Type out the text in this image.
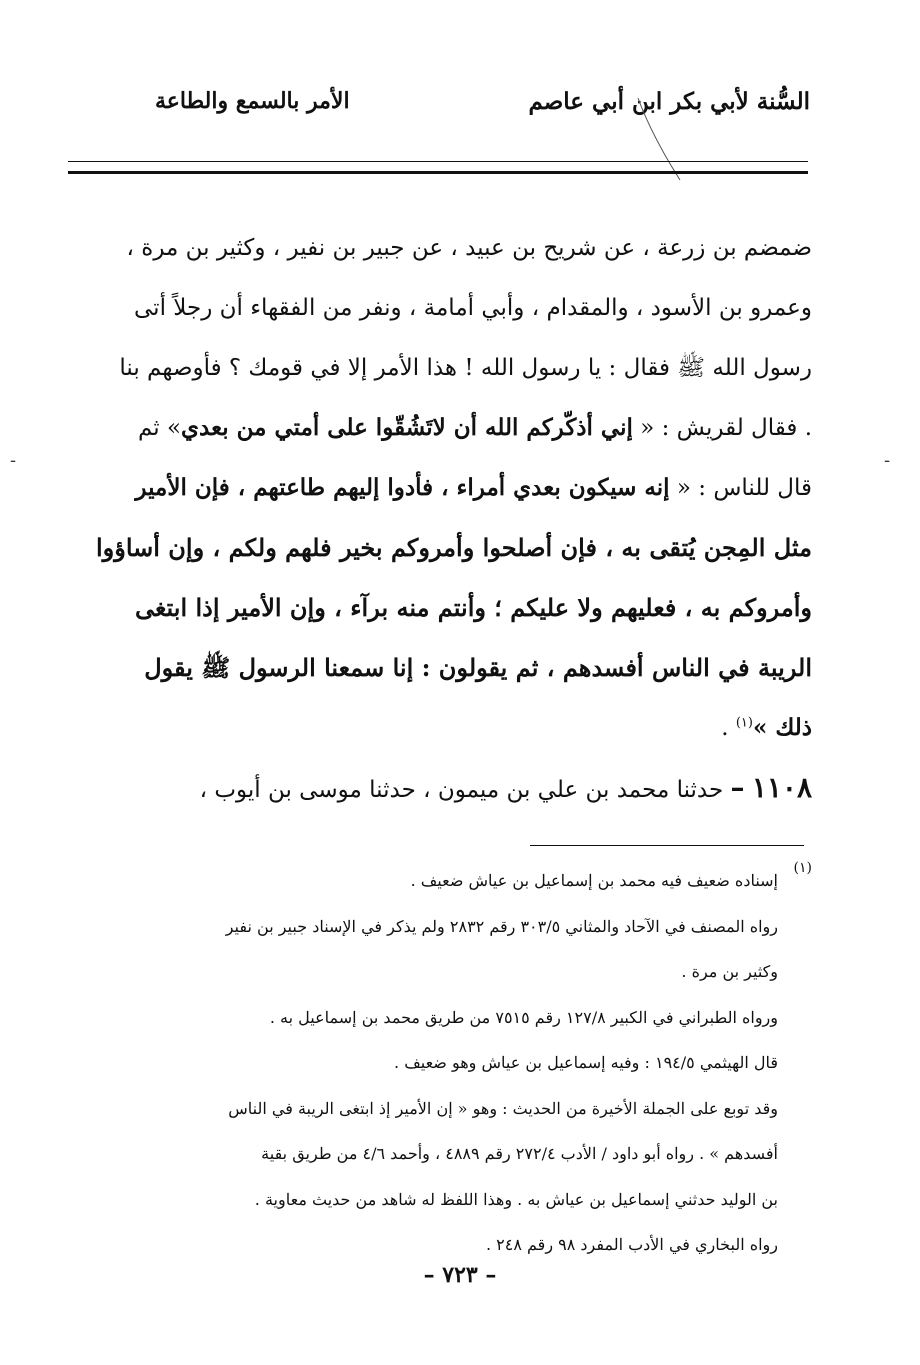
السُّنة لأبي بكر ابن أبي عاصم
الأمر بالسمع والطاعة
-	-
ضمضم بن زرعة ، عن شريح بن عبيد ، عن جبير بن نفير ، وكثير بن مرة ،
وعمرو بن الأسود ، والمقدام ، وأبي أمامة ، ونفر من الفقهاء أن رجلاً أتى
رسول الله ﷺ فقال : يا رسول الله ! هذا الأمر إلا في قومك ؟ فأوصهم بنا
. فقال لقريش : « إني أذكّركم الله أن لاتَشُقّوا على أمتي من بعدي» ثم
قال للناس : « إنه سيكون بعدي أمراء ، فأدوا إليهم طاعتهم ، فإن الأمير
مثل المِجن يُتقى به ، فإن أصلحوا وأمروكم بخير فلهم ولكم ، وإن أساؤوا
وأمروكم به ، فعليهم ولا عليكم ؛ وأنتم منه برآء ، وإن الأمير إذا ابتغى
الريبة في الناس أفسدهم ، ثم يقولون : إنا سمعنا الرسول ﷺ يقول
ذلك »$^{(١)}$ .
١١٠٨ – حدثنا محمد بن علي بن ميمون ، حدثنا موسى بن أيوب ،
(١)
إسناده ضعيف فيه محمد بن إسماعيل بن عياش ضعيف .
رواه المصنف في الآحاد والمثاني ٣٠٣/٥ رقم ٢٨٣٢ ولم يذكر في الإسناد جبير بن نفير
وكثير بن مرة .
ورواه الطبراني في الكبير ١٢٧/٨ رقم ٧٥١٥ من طريق محمد بن إسماعيل به .
قال الهيثمي ١٩٤/٥ : وفيه إسماعيل بن عياش وهو ضعيف .
وقد توبع على الجملة الأخيرة من الحديث : وهو « إن الأمير إذ ابتغى الريبة في الناس
أفسدهم » . رواه أبو داود / الأدب ٢٧٢/٤ رقم ٤٨٨٩ ، وأحمد ٤/٦ من طريق بقية
بن الوليد حدثني إسماعيل بن عياش به . وهذا اللفظ له شاهد من حديث معاوية .
رواه البخاري في الأدب المفرد ٩٨ رقم ٢٤٨ .
– ٧٢٣ –
